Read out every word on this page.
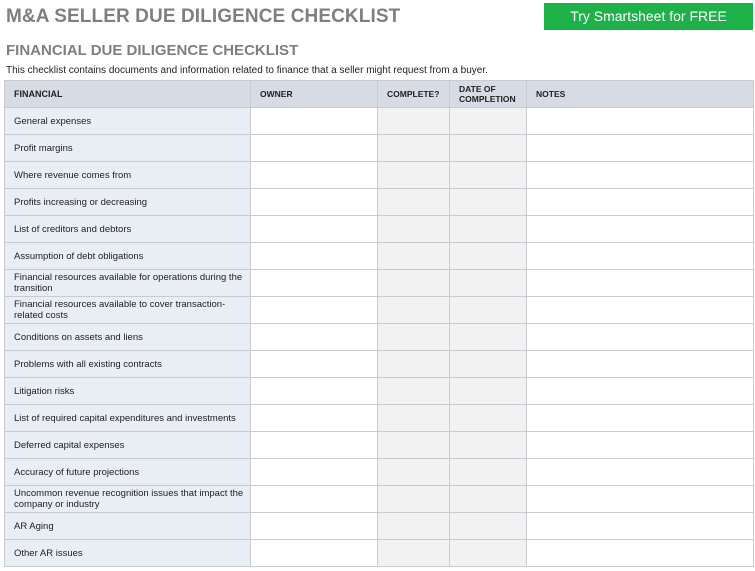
M&A SELLER DUE DILIGENCE CHECKLIST	Try Smartsheet for FREE
FINANCIAL DUE DILIGENCE CHECKLIST
This checklist contains documents and information related to finance that a seller might request from a buyer.
FINANCIAL	OWNER	COMPLETE?	DATE OF COMPLETION	NOTES
General expenses				
Profit margins				
Where revenue comes from				
Profits increasing or decreasing				
List of creditors and debtors				
Assumption of debt obligations				
Financial resources available for operations during the transition				
Financial resources available to cover transaction-related costs				
Conditions on assets and liens				
Problems with all existing contracts				
Litigation risks				
List of required capital expenditures and investments				
Deferred capital expenses				
Accuracy of future projections				
Uncommon revenue recognition issues that impact the company or industry				
AR Aging				
Other AR issues				
